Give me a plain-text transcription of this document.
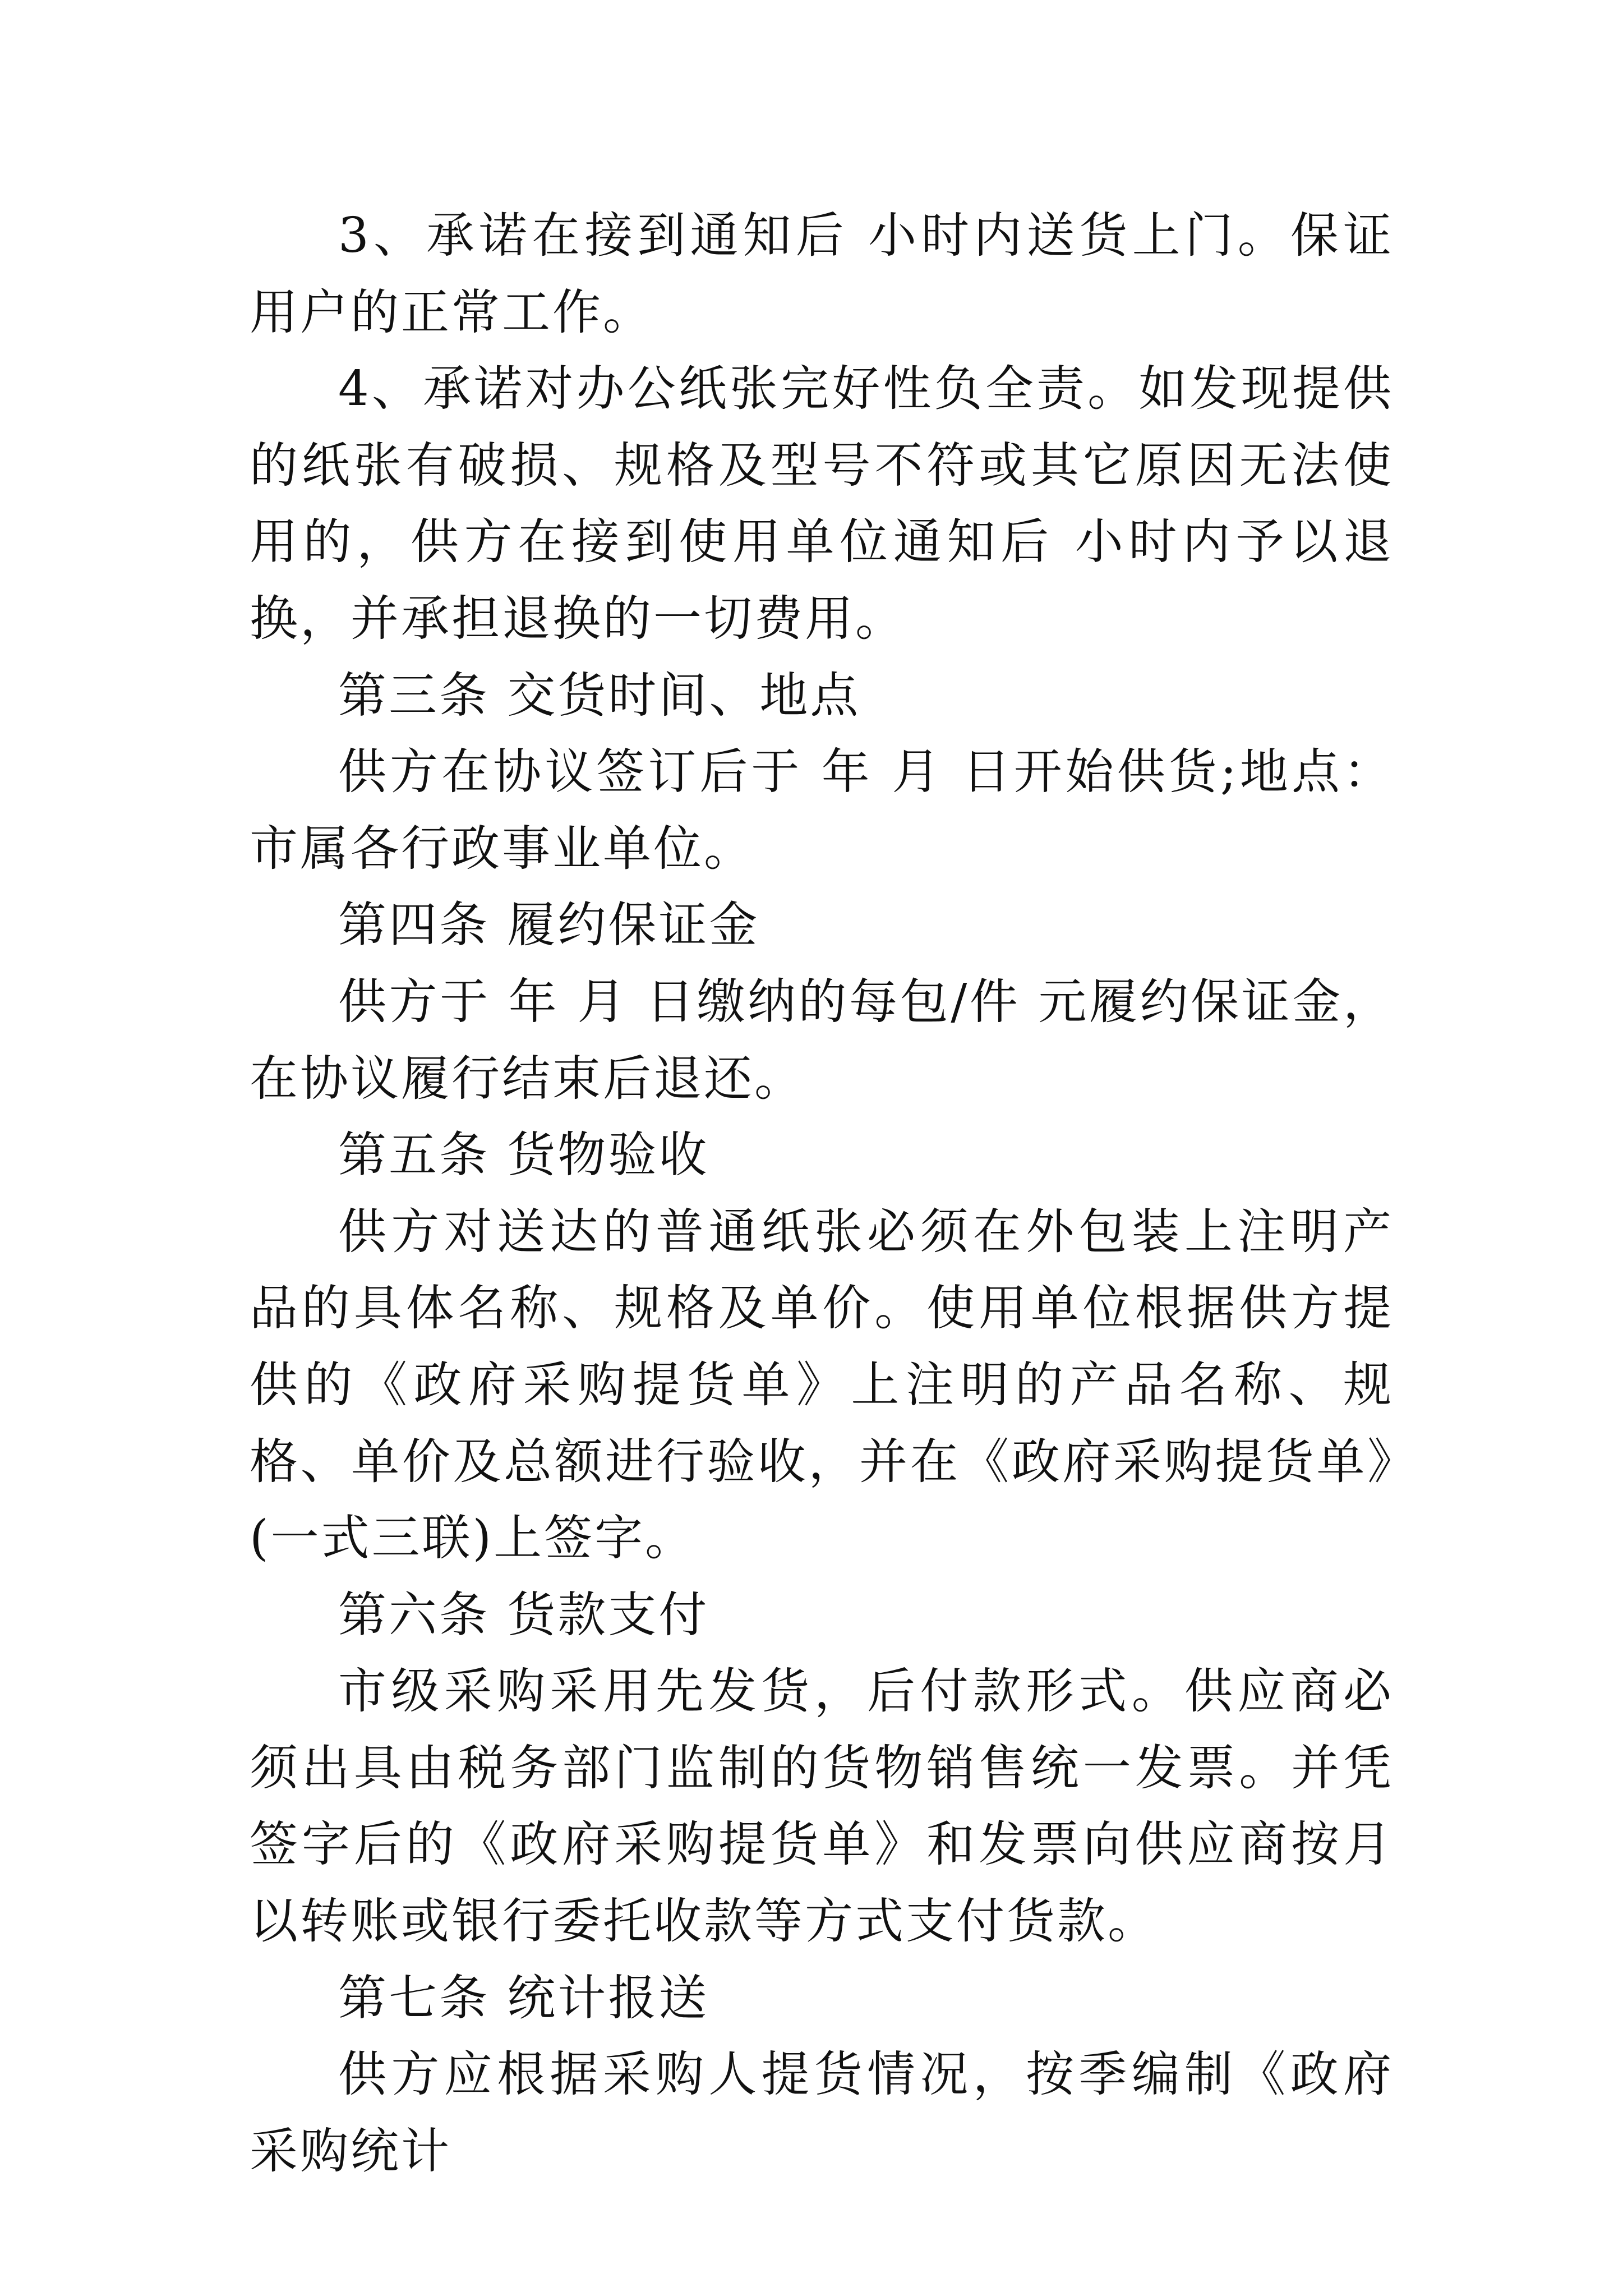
3、承诺在接到通知后 小时内送货上门。保证用户的正常工作。

4、承诺对办公纸张完好性负全责。如发现提供的纸张有破损、规格及型号不符或其它原因无法使用的，供方在接到使用单位通知后 小时内予以退换，并承担退换的一切费用。

第三条 交货时间、地点

供方在协议签订后于 年 月 日开始供货;地点： 市属各行政事业单位。

第四条 履约保证金

供方于 年 月 日缴纳的每包/件 元履约保证金，在协议履行结束后退还。

第五条 货物验收

供方对送达的普通纸张必须在外包装上注明产品的具体名称、规格及单价。使用单位根据供方提供的《政府采购提货单》上注明的产品名称、规格、单价及总额进行验收，并在《政府采购提货单》(一式三联)上签字。

第六条 货款支付

市级采购采用先发货，后付款形式。供应商必须出具由税务部门监制的货物销售统一发票。并凭签字后的《政府采购提货单》和发票向供应商按月以转账或银行委托收款等方式支付货款。

第七条 统计报送

供方应根据采购人提货情况，按季编制《政府采购统计
